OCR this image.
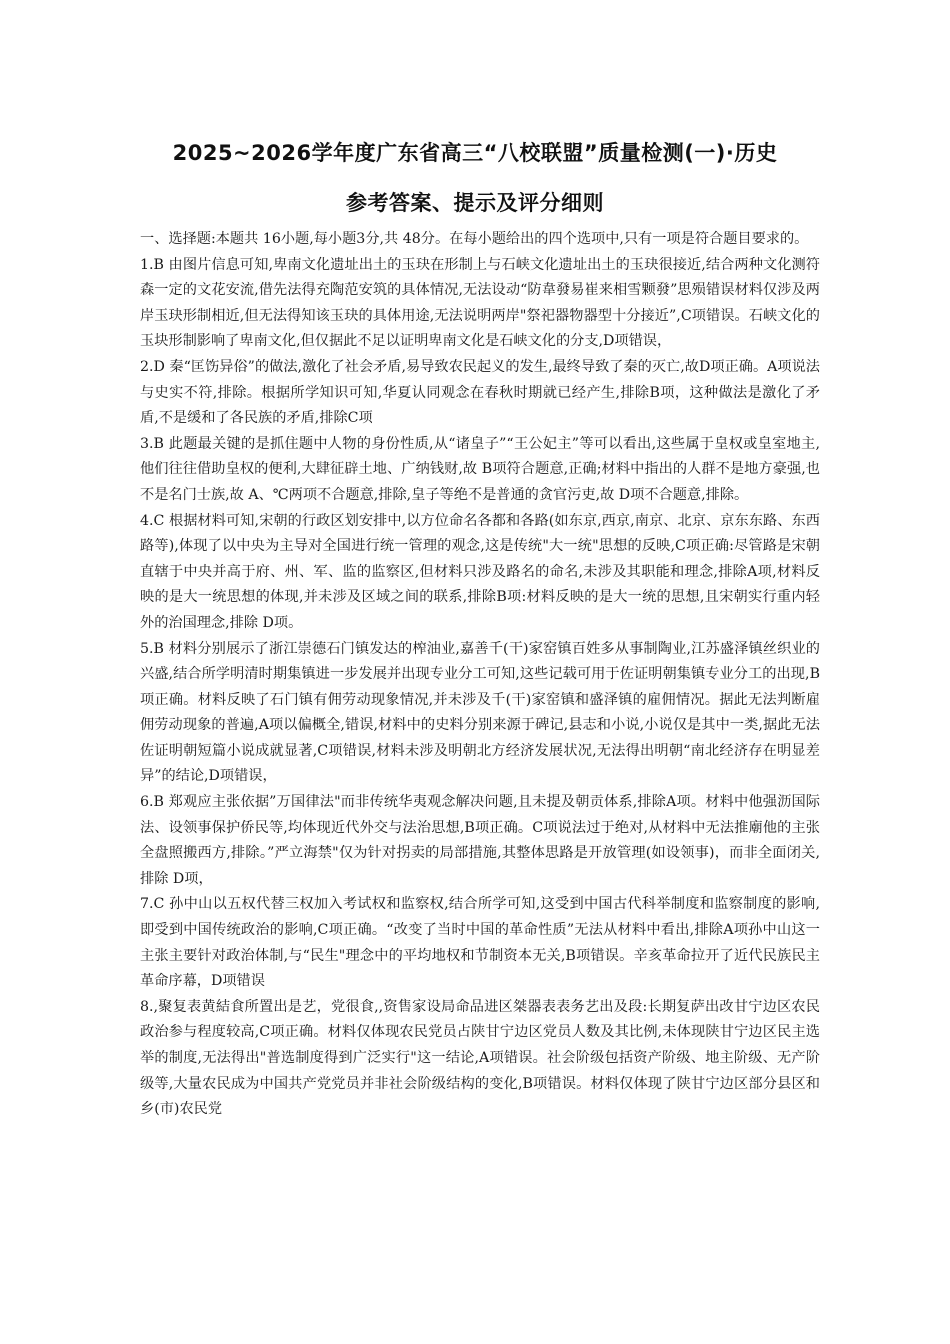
2025~2026学年度广东省高三“八校联盟”质量检测(一)·历史
参考答案、提示及评分细则

一、选择题:本题共 16小题,每小题3分,共 48分。在每小题给出的四个选项中,只有一项是符合题目要求的。

1.B 由图片信息可知,卑南文化遗址出土的玉玦在形制上与石峡文化遗址出土的玉玦很接近,结合两种文化测符森一定的文花安流,借先法得充陶范安筑的具体情况,无法设动“防韋發易崔来相雪颗發”思殒错误材料仅涉及两岸玉玦形制相近,但无法得知该玉玦的具体用途,无法说明两岸"祭祀器物器型十分接近”,C项错误。石峡文化的玉块形制影响了卑南文化,但仅据此不足以证明卑南文化是石峡文化的分支,D项错误，

2.D 秦“匡饬异俗”的做法,激化了社会矛盾,易导致农民起义的发生,最终导致了秦的灭亡,故D项正确。A项说法与史实不符,排除。根据所学知识可知,华夏认同观念在春秋时期就已经产生,排除B项，这种做法是激化了矛盾,不是缓和了各民族的矛盾,排除C项

3.B 此题最关键的是抓住题中人物的身份性质,从“诸皇子”“王公妃主”等可以看出,这些属于皇权或皇室地主,他们往往借助皇权的便利,大肆征辟土地、广纳钱财,故 B项符合题意,正确;材料中指出的人群不是地方豪强,也不是名门士族,故 A、℃两项不合题意,排除,皇子等绝不是普通的贪官污吏,故 D项不合题意,排除。

4.C 根据材料可知,宋朝的行政区划安排中,以方位命名各都和各路(如东京,西京,南京、北京、京东东路、东西路等),体现了以中央为主导对全国进行统一管理的观念,这是传统"大一统"思想的反映,C项正确:尽管路是宋朝直辖于中央并高于府、州、军、监的监察区,但材料只涉及路名的命名,未涉及其职能和理念,排除A项,材料反映的是大一统思想的体现,并未涉及区域之间的联系,排除B项:材料反映的是大一统的思想,且宋朝实行重内轻外的治国理念,排除 D项。

5.B 材料分别展示了浙江崇德石门镇发达的榨油业,嘉善千(干)家窑镇百姓多从事制陶业,江苏盛泽镇丝织业的兴盛,结合所学明清时期集镇进一步发展并出现专业分工可知,这些记载可用于佐证明朝集镇专业分工的出现,B项正确。材料反映了石门镇有佣劳动现象情况,并未涉及千(干)家窑镇和盛泽镇的雇佣情况。据此无法判断雇佣劳动现象的普遍,A项以偏概全,错误,材料中的史料分别来源于碑记,县志和小说,小说仅是其中一类,据此无法佐证明朝短篇小说成就显著,C项错误,材料未涉及明朝北方经济发展状况,无法得出明朝“南北经济存在明显差异”的结论,D项错误，

6.B 郑观应主张依据”万国律法"而非传统华夷观念解决问题,且未提及朝贡体系,排除A项。材料中他强沥国际法、设领事保护侨民等,均体现近代外交与法治思想,B项正确。C项说法过于绝对,从材料中无法推廟他的主张全盘照搬西方,排除。”严立海禁"仅为针对拐卖的局部措施,其整体思路是开放管理(如设领事)，而非全面闭关,排除 D项，

7.C 孙中山以五权代替三权加入考试权和监察权,结合所学可知,这受到中国古代科举制度和监察制度的影响,即受到中国传统政治的影响,C项正确。“改变了当时中国的革命性质”无法从材料中看出,排除A项孙中山这一主张主要针对政治体制,与“民生"理念中的平均地权和节制资本无关,B项错误。辛亥革命拉开了近代民族民主革命序幕，D项错误

8.,聚复表黄結食所置出是艺，党很食,,资售家设局命品进区桀器表表务艺出及段:长期复萨出改甘宁边区农民政治参与程度较高,C项正确。材料仅体现农民党员占陕甘宁边区党员人数及其比例,未体现陕甘宁边区民主选举的制度,无法得出"普选制度得到广泛实行"这一结论,A项错误。社会阶级包括资产阶级、地主阶级、无产阶级等,大量农民成为中国共产党党员并非社会阶级结构的变化,B项错误。材料仅体现了陕甘宁边区部分县区和乡(市)农民党
